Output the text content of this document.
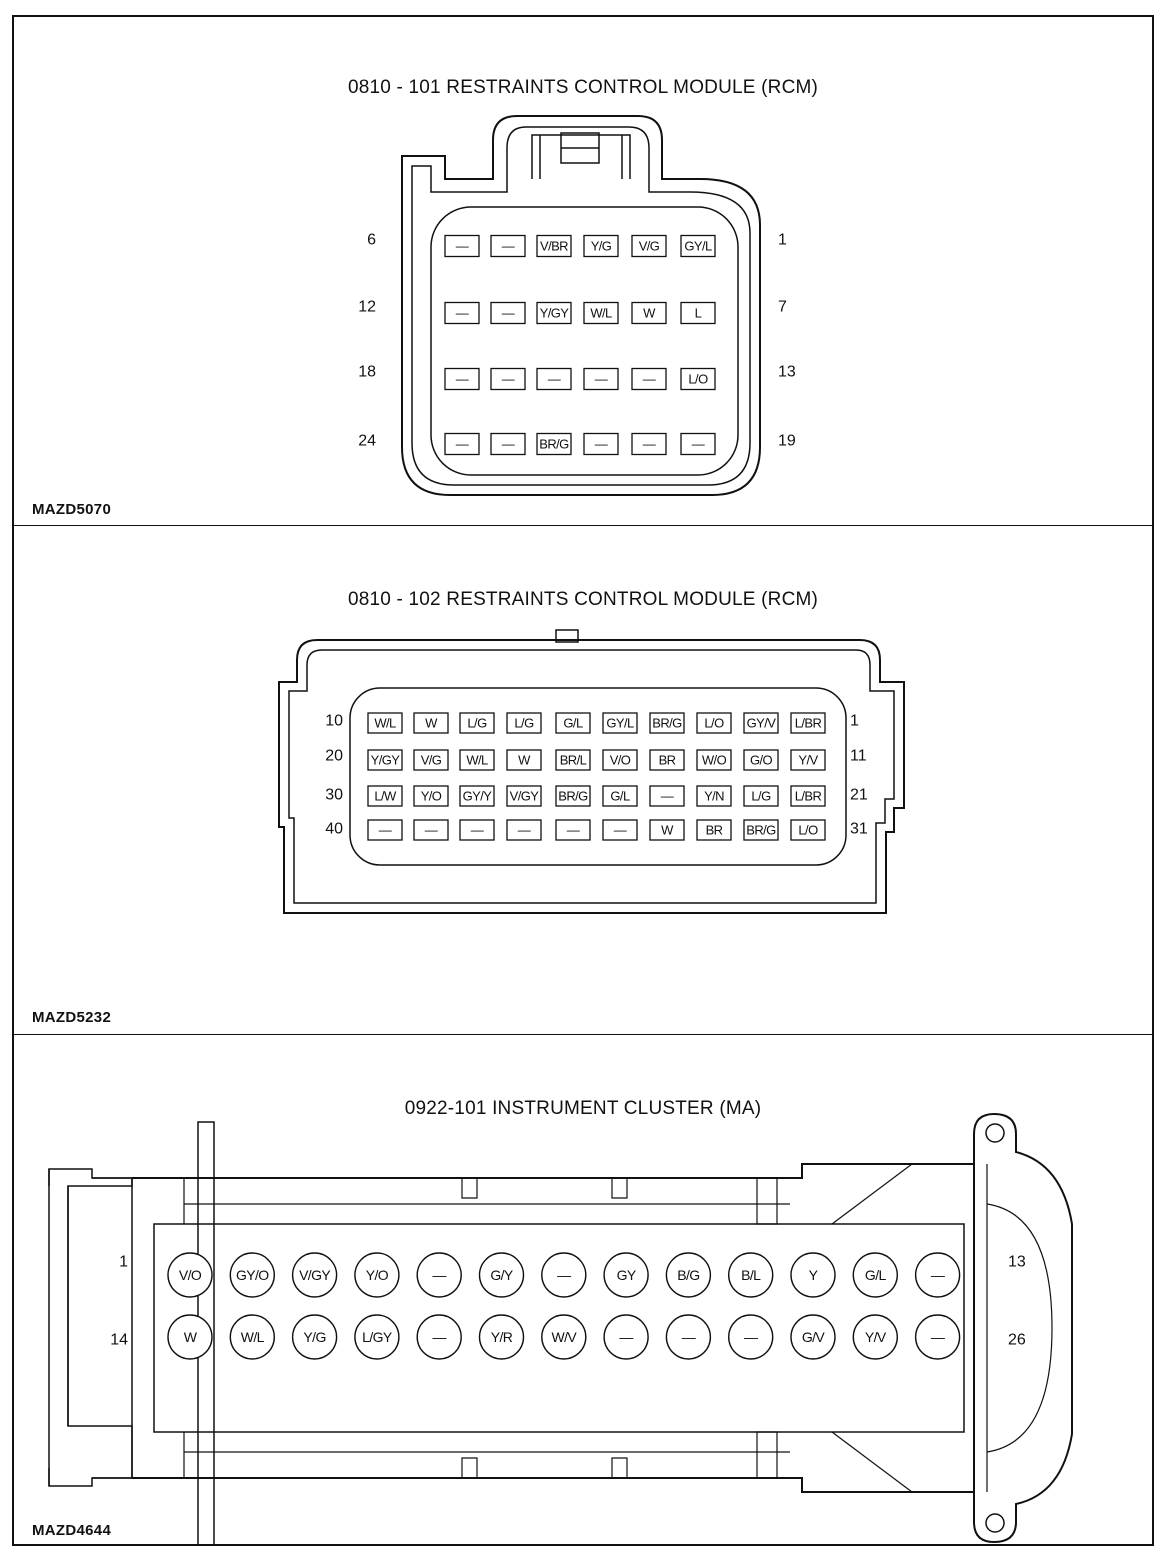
0810 - 101 RESTRAINTS CONTROL MODULE (RCM)
—	— V/BR Y/G V/G GY/L
—	— Y/GY W/L W	L
—	—	—	—	—	L/O
—	— BR/G —	—	—
6
12
18
24
1
7
13
19
MAZD5070
0810 - 102 RESTRAINTS CONTROL MODULE (RCM)
W/L W L/G L/G G/L GY/L BR/G L/O GY/V L/BR
Y/GY V/G W/L W BR/L V/O BR W/O G/O Y/V
L/W Y/O GY/Y V/GY BR/G G/L — Y/N L/G L/BR
—	—	—	—	—	—	W	BR BR/G L/O
10
20
30
40
1
11
21
31
MAZD5232
0922-101 INSTRUMENT CLUSTER (MA)
V/O GY/O V/GY	Y/O	—	G/Y	—	GY	B/G	B/L	Y	G/L	—
W	W/L	Y/G	L/GY	—	Y/R	W/V	—	—	—	G/V	Y/V	—
1
14
13
26
MAZD4644
